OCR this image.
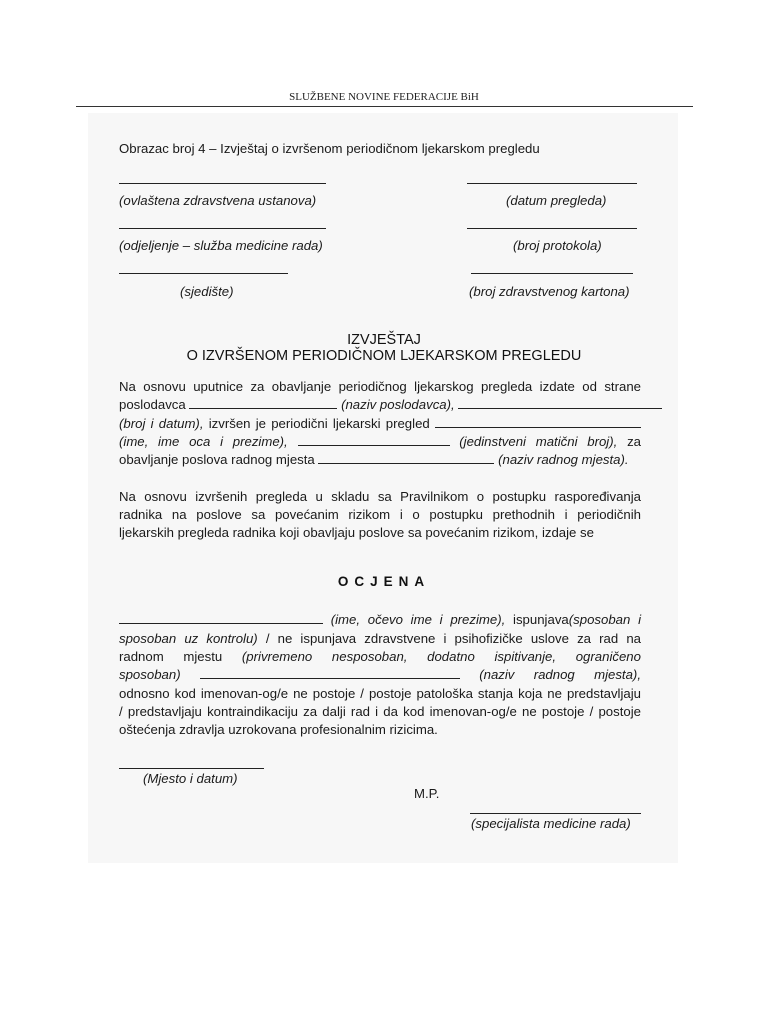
SLUŽBENE NOVINE FEDERACIJE BiH
Obrazac broj 4 – Izvještaj o izvršenom periodičnom ljekarskom pregledu
(ovlaštena zdravstvena ustanova)	(datum pregleda)
(odjeljenje – služba medicine rada)	(broj protokola)
(sjedište)	(broj zdravstvenog kartona)
IZVJEŠTAJ
O IZVRŠENOM PERIODIČNOM LJEKARSKOM PREGLEDU
Na osnovu uputnice za obavljanje periodičnog ljekarskog pregleda izdate od strane
poslodavca	(naziv poslodavca),
(broj i datum), izvršen je periodični ljekarski pregled
(ime, ime oca i prezime),	(jedinstveni matični broj), za
obavljanje poslova radnog mjesta	(naziv radnog mjesta).
Na osnovu izvršenih pregleda u skladu sa Pravilnikom o postupku raspoređivanja
radnika na poslove sa povećanim rizikom i o postupku prethodnih i periodičnih
ljekarskih pregleda radnika koji obavljaju poslove sa povećanim rizikom, izdaje se
OCJENA
(ime, očevo ime i prezime), ispunjava(sposoban i
sposoban uz kontrolu) / ne ispunjava zdravstvene i psihofizičke uslove za rad na
radnom mjestu (privremeno nesposoban, dodatno ispitivanje, ograničeno
sposoban)	(naziv radnog mjesta),
odnosno kod imenovan-og/e ne postoje / postoje patološka stanja koja ne predstavljaju
/ predstavljaju kontraindikaciju za dalji rad i da kod imenovan-og/e ne postoje / postoje
oštećenja zdravlja uzrokovana profesionalnim rizicima.
(Mjesto i datum)
M.P.
(specijalista medicine rada)
